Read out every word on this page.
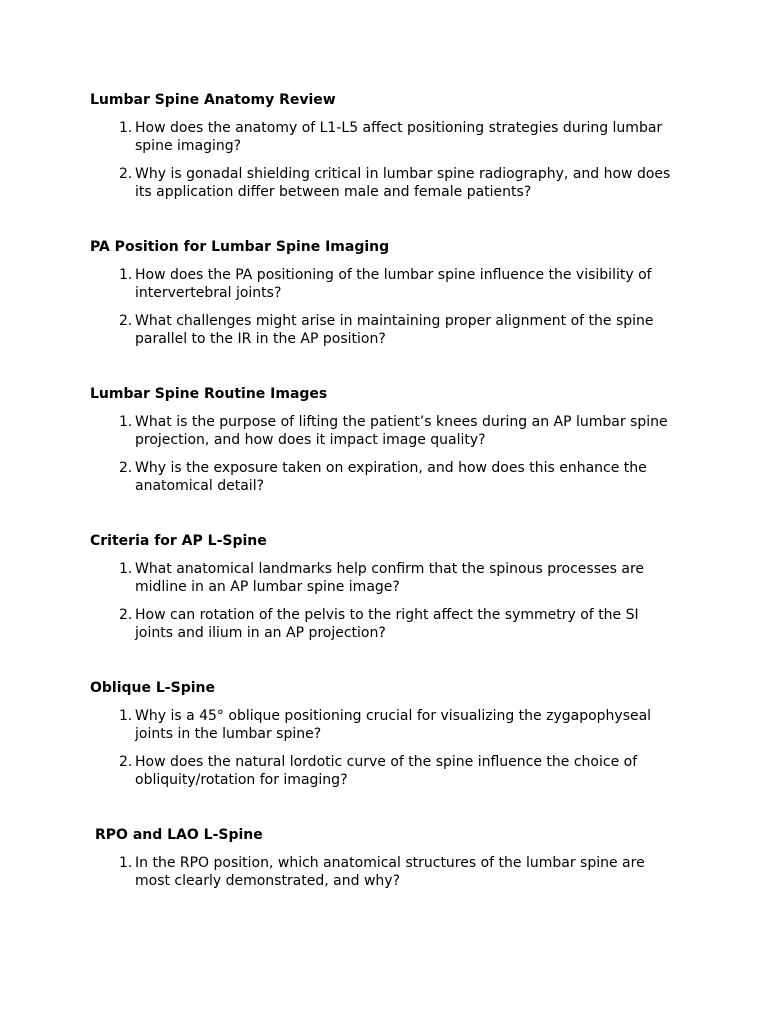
Lumbar Spine Anatomy Review
1. How does the anatomy of L1-L5 affect positioning strategies during lumbar spine imaging?
2. Why is gonadal shielding critical in lumbar spine radiography, and how does its application differ between male and female patients?
PA Position for Lumbar Spine Imaging
1. How does the PA positioning of the lumbar spine influence the visibility of intervertebral joints?
2. What challenges might arise in maintaining proper alignment of the spine parallel to the IR in the AP position?
Lumbar Spine Routine Images
1. What is the purpose of lifting the patient’s knees during an AP lumbar spine projection, and how does it impact image quality?
2. Why is the exposure taken on expiration, and how does this enhance the anatomical detail?
Criteria for AP L-Spine
1. What anatomical landmarks help confirm that the spinous processes are midline in an AP lumbar spine image?
2. How can rotation of the pelvis to the right affect the symmetry of the SI joints and ilium in an AP projection?
Oblique L-Spine
1. Why is a 45° oblique positioning crucial for visualizing the zygapophyseal joints in the lumbar spine?
2. How does the natural lordotic curve of the spine influence the choice of obliquity/rotation for imaging?
RPO and LAO L-Spine
1. In the RPO position, which anatomical structures of the lumbar spine are most clearly demonstrated, and why?
